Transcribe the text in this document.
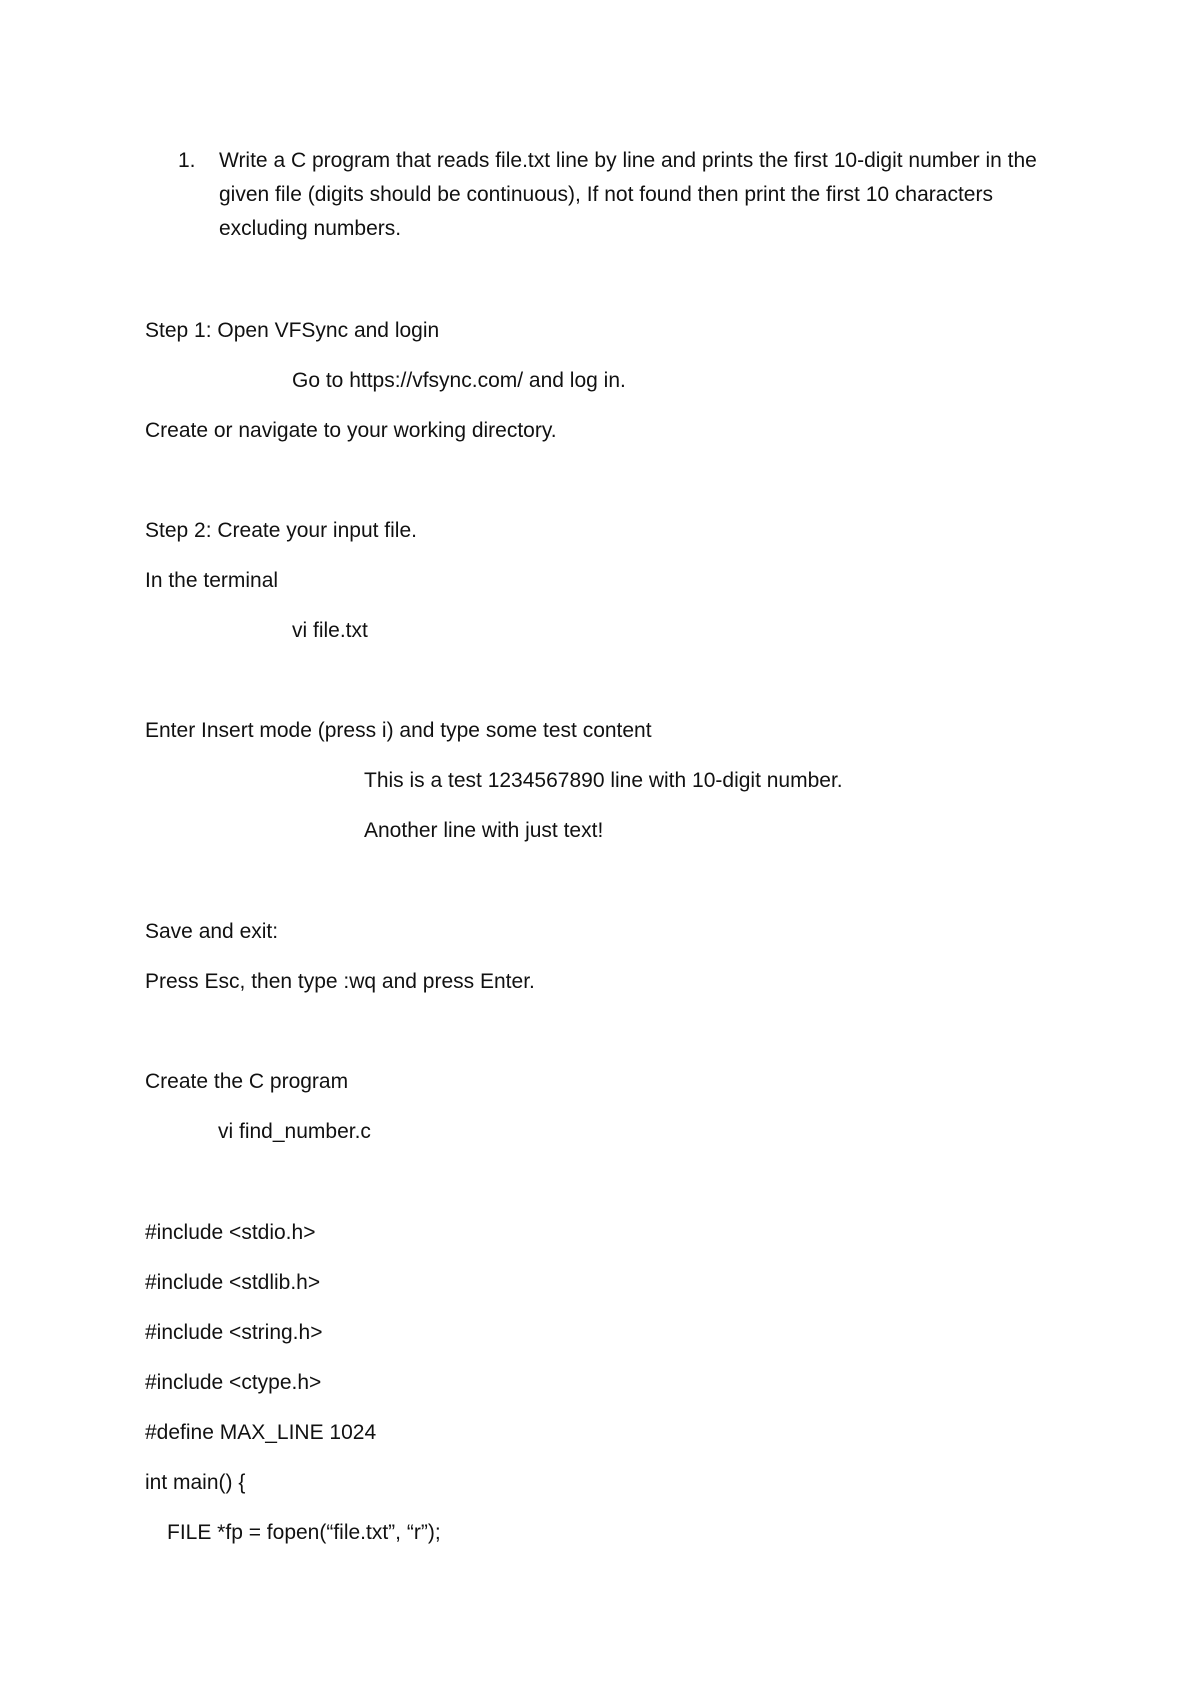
1. Write a C program that reads file.txt line by line and prints the first 10-digit number in the given file (digits should be continuous), If not found then print the first 10 characters excluding numbers.
Step 1: Open VFSync and login
Go to https://vfsync.com/ and log in.
Create or navigate to your working directory.
Step 2: Create your input file.
In the terminal
vi file.txt
Enter Insert mode (press i) and type some test content
This is a test 1234567890 line with 10-digit number.
Another line with just text!
Save and exit:
Press Esc, then type :wq and press Enter.
Create the C program
vi find_number.c
#include <stdio.h>
#include <stdlib.h>
#include <string.h>
#include <ctype.h>
#define MAX_LINE 1024
int main() {
FILE *fp = fopen(“file.txt”, “r”);
